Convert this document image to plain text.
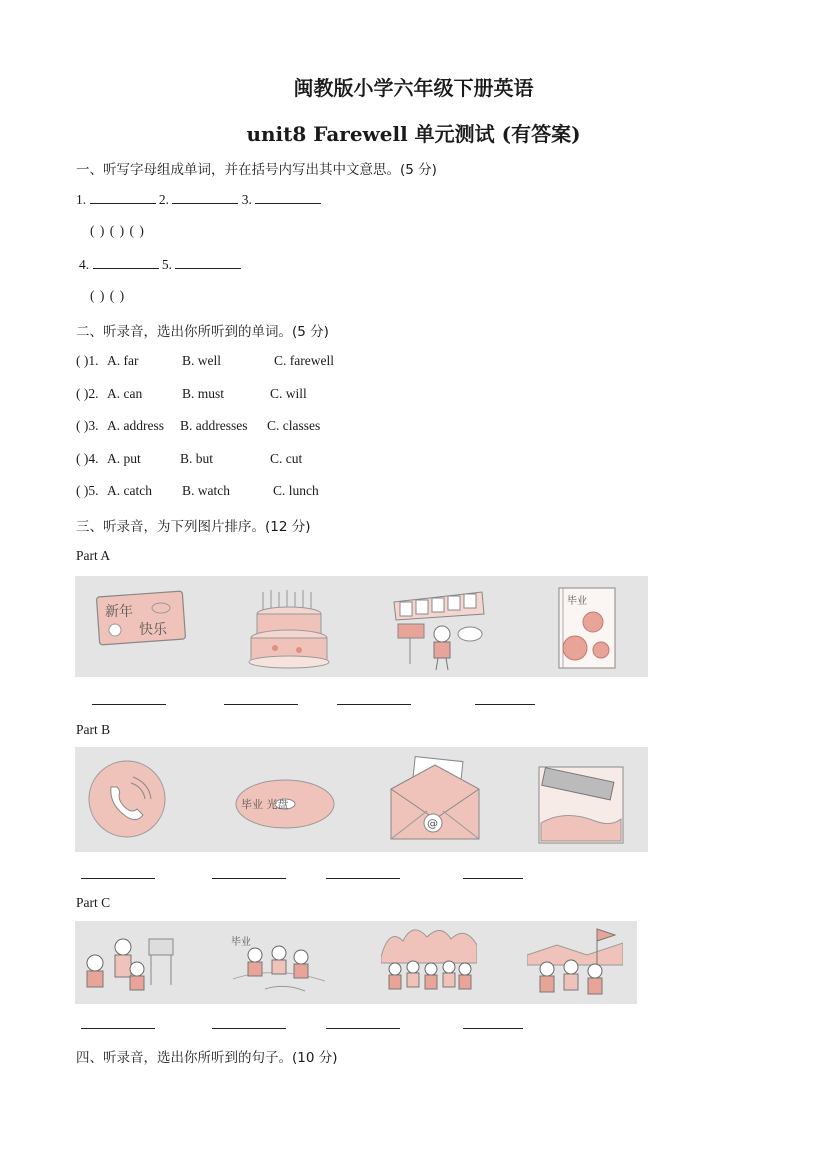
闽教版小学六年级下册英语
unit8 Farewell 单元测试 (有答案)
一、听写字母组成单词，并在括号内写出其中文意思。(5 分)
1.	2.	3.
( ) ( ) ( )
4.	5.
( ) ( )
二、听录音，选出你所听到的单词。(5 分)
( )1. A. far	B. well	C. farewell
( )2. A. can	B. must	C. will
( )3. A. address B. addresses C. classes
( )4. A. put	B. but	C. cut
( )5. A. catch B. watch	C. lunch
三、听录音，为下列图片排序。(12 分)
Part A
新年
快乐
毕业
Part B
毕业 光盘
@
Part C
毕业
四、听录音，选出你所听到的句子。(10 分)
